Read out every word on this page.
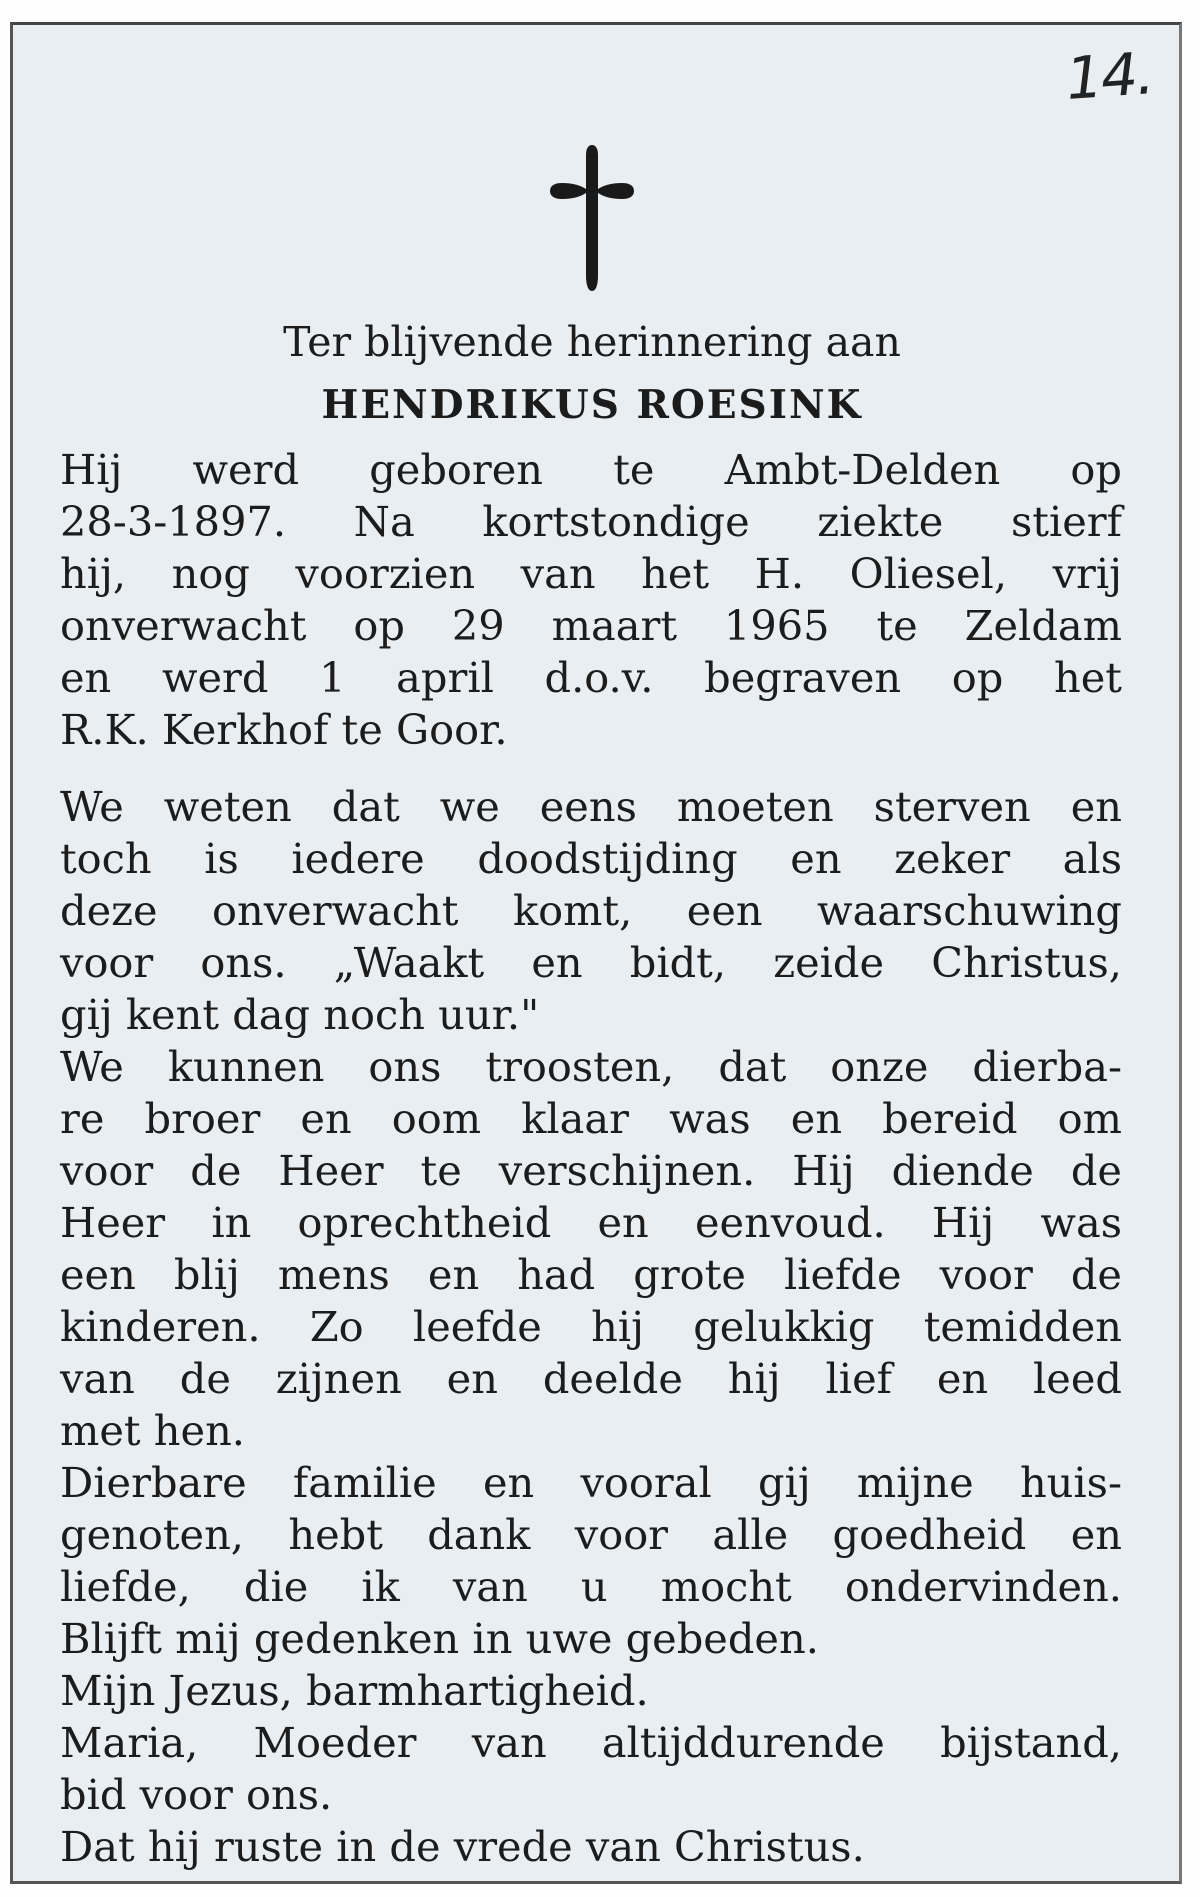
14.
Ter blijvende herinnering aan
HENDRIKUS ROESINK
Hij werd geboren te Ambt-Delden op
28-3-1897. Na kortstondige ziekte stierf
hij, nog voorzien van het H. Oliesel, vrij
onverwacht op 29 maart 1965 te Zeldam
en werd 1 april d.o.v. begraven op het
R.K. Kerkhof te Goor.
We weten dat we eens moeten sterven en
toch is iedere doodstijding en zeker als
deze onverwacht komt, een waarschuwing
voor ons. „Waakt en bidt, zeide Christus,
gij kent dag noch uur."
We kunnen ons troosten, dat onze dierba-
re broer en oom klaar was en bereid om
voor de Heer te verschijnen. Hij diende de
Heer in oprechtheid en eenvoud. Hij was
een blij mens en had grote liefde voor de
kinderen. Zo leefde hij gelukkig temidden
van de zijnen en deelde hij lief en leed
met hen.
Dierbare familie en vooral gij mijne huis-
genoten, hebt dank voor alle goedheid en
liefde, die ik van u mocht ondervinden.
Blijft mij gedenken in uwe gebeden.
Mijn Jezus, barmhartigheid.
Maria, Moeder van altijddurende bijstand,
bid voor ons.
Dat hij ruste in de vrede van Christus.
